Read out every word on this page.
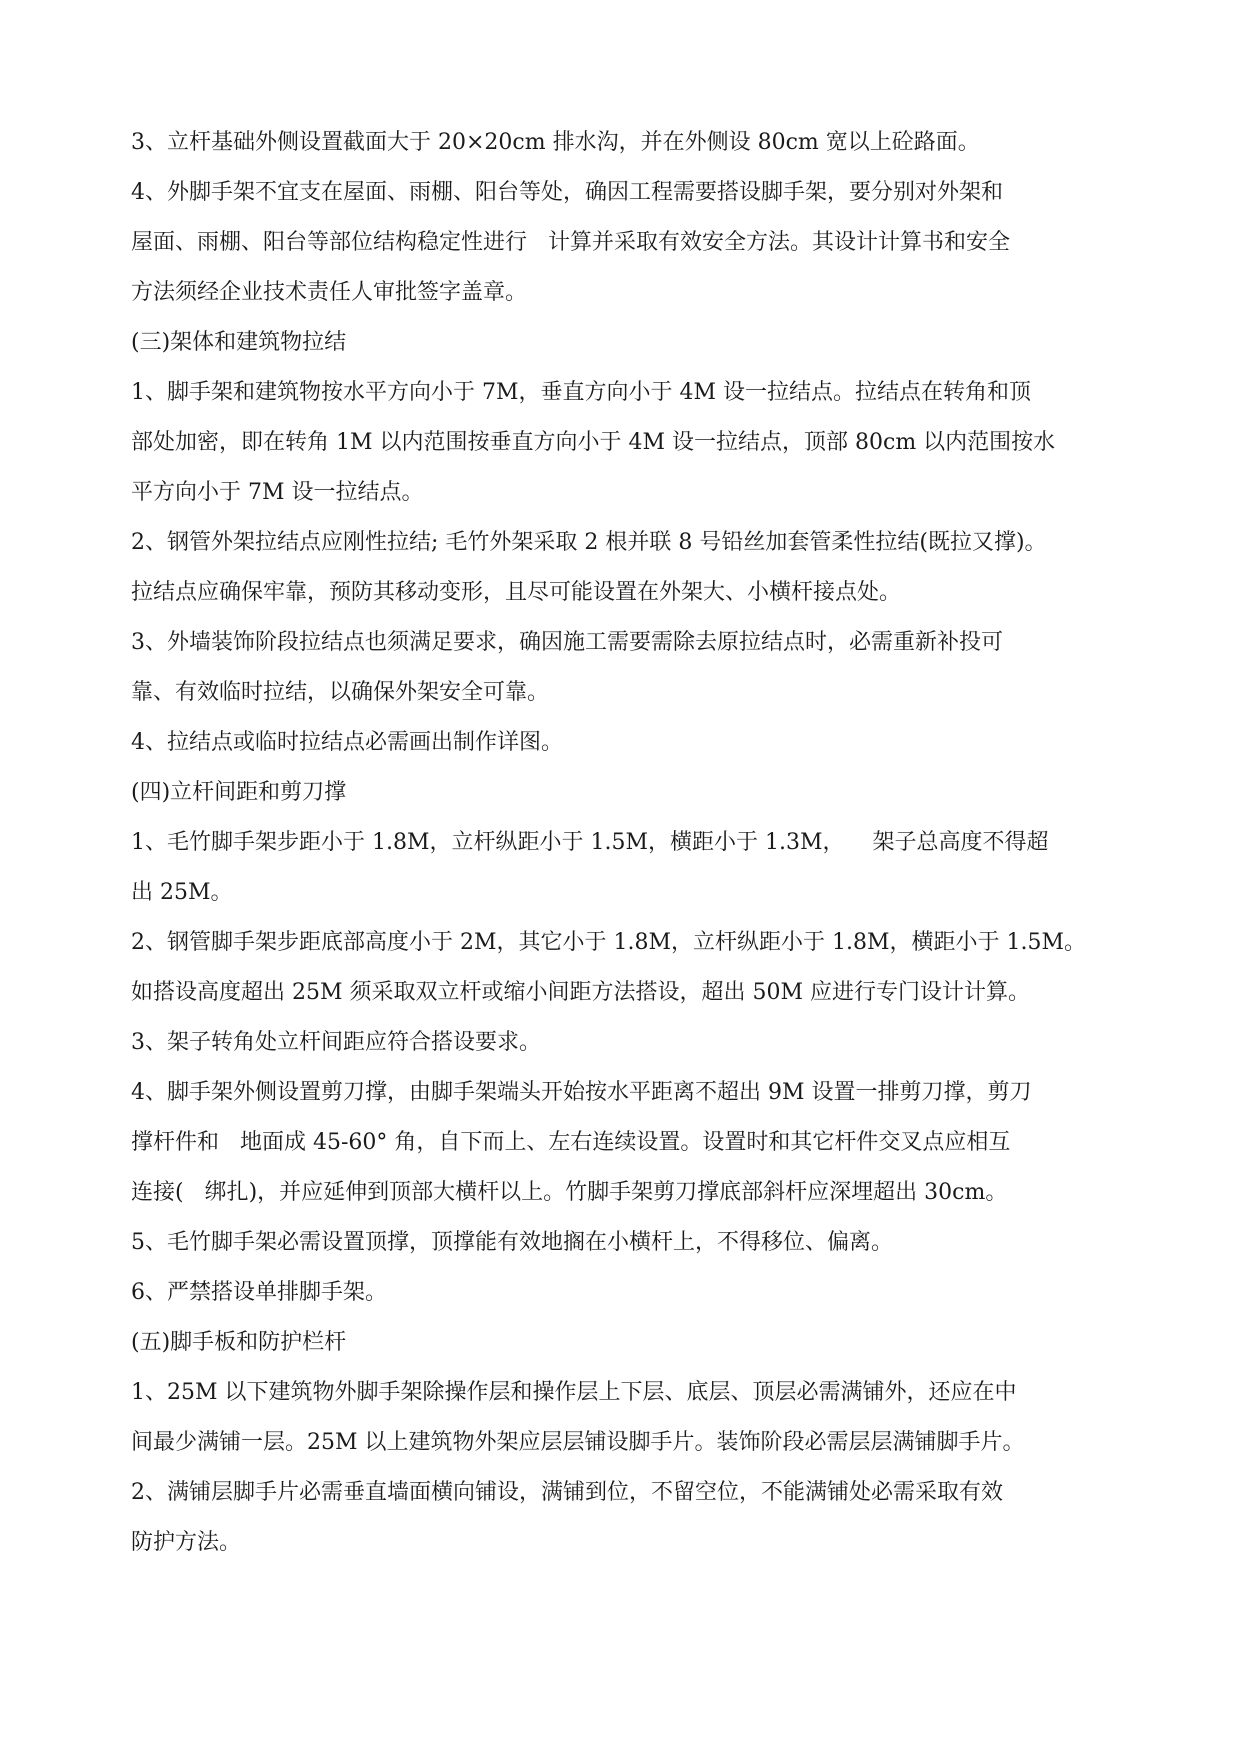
3、立杆基础外侧设置截面大于 20×20cm 排水沟，并在外侧设 80cm 宽以上砼路面。

4、外脚手架不宜支在屋面、雨棚、阳台等处，确因工程需要搭设脚手架，要分别对外架和

屋面、雨棚、阳台等部位结构稳定性进行   计算并采取有效安全方法。其设计计算书和安全

方法须经企业技术责任人审批签字盖章。

(三)架体和建筑物拉结

1、脚手架和建筑物按水平方向小于 7M，垂直方向小于 4M 设一拉结点。拉结点在转角和顶

部处加密，即在转角 1M 以内范围按垂直方向小于 4M 设一拉结点，顶部 80cm 以内范围按水

平方向小于 7M 设一拉结点。

2、钢管外架拉结点应刚性拉结; 毛竹外架采取 2 根并联 8 号铅丝加套管柔性拉结(既拉又撑)。

拉结点应确保牢靠，预防其移动变形，且尽可能设置在外架大、小横杆接点处。

3、外墙装饰阶段拉结点也须满足要求，确因施工需要需除去原拉结点时，必需重新补投可

靠、有效临时拉结，以确保外架安全可靠。

4、拉结点或临时拉结点必需画出制作详图。

(四)立杆间距和剪刀撑

1、毛竹脚手架步距小于 1.8M，立杆纵距小于 1.5M，横距小于 1.3M，    架子总高度不得超

出 25M。

2、钢管脚手架步距底部高度小于 2M，其它小于 1.8M，立杆纵距小于 1.8M，横距小于 1.5M。

如搭设高度超出 25M 须采取双立杆或缩小间距方法搭设，超出 50M 应进行专门设计计算。

3、架子转角处立杆间距应符合搭设要求。

4、脚手架外侧设置剪刀撑，由脚手架端头开始按水平距离不超出 9M 设置一排剪刀撑，剪刀

撑杆件和   地面成 45-60° 角，自下而上、左右连续设置。设置时和其它杆件交叉点应相互

连接(   绑扎)，并应延伸到顶部大横杆以上。竹脚手架剪刀撑底部斜杆应深埋超出 30cm。

5、毛竹脚手架必需设置顶撑，顶撑能有效地搁在小横杆上，不得移位、偏离。

6、严禁搭设单排脚手架。

(五)脚手板和防护栏杆

1、25M 以下建筑物外脚手架除操作层和操作层上下层、底层、顶层必需满铺外，还应在中

间最少满铺一层。25M 以上建筑物外架应层层铺设脚手片。装饰阶段必需层层满铺脚手片。

2、满铺层脚手片必需垂直墙面横向铺设，满铺到位，不留空位，不能满铺处必需采取有效

防护方法。
